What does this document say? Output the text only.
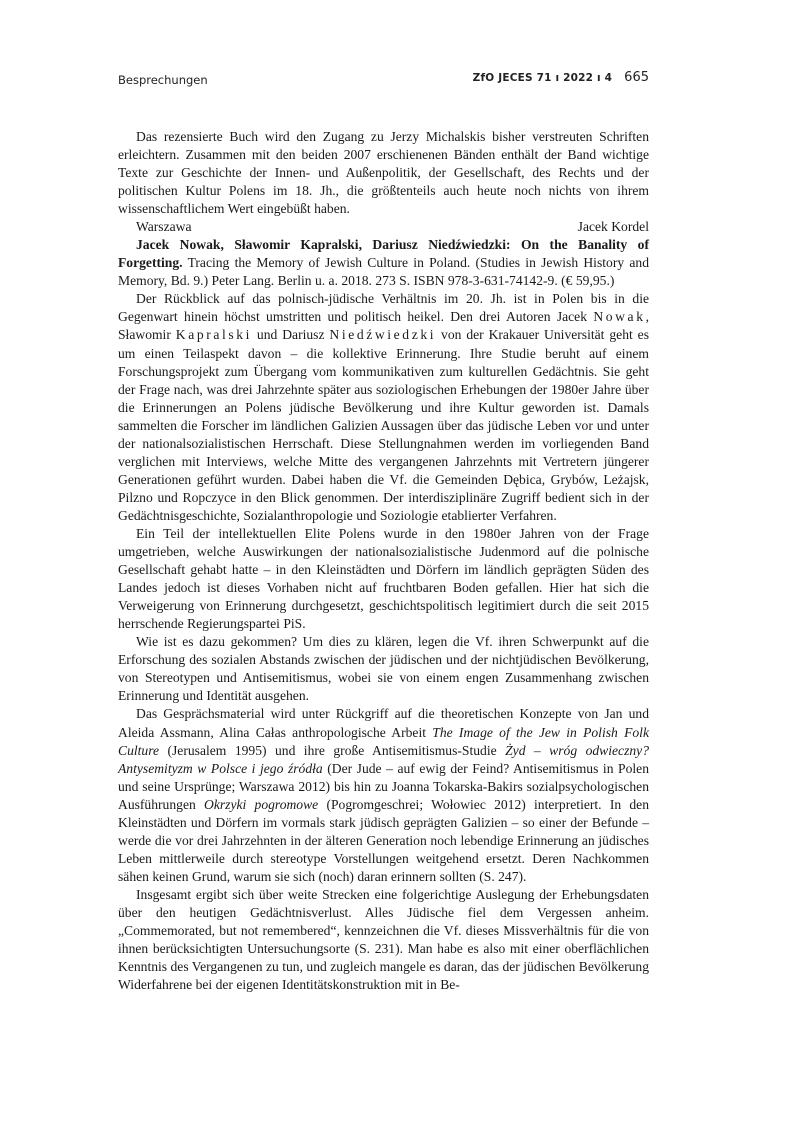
Besprechungen	ZfO JECES 71 ı 2022 ı 4 665

Das rezensierte Buch wird den Zugang zu Jerzy Michalskis bisher verstreuten Schriften erleichtern. Zusammen mit den beiden 2007 erschienenen Bänden enthält der Band wichtige Texte zur Geschichte der Innen- und Außenpolitik, der Gesellschaft, des Rechts und der politischen Kultur Polens im 18. Jh., die größtenteils auch heute noch nichts von ihrem wissenschaftlichem Wert eingebüßt haben.

Warszawa	Jacek Kordel

Jacek Nowak, Sławomir Kapralski, Dariusz Niedźwiedzki: On the Banality of Forgetting. Tracing the Memory of Jewish Culture in Poland. (Studies in Jewish History and Memory, Bd. 9.) Peter Lang. Berlin u. a. 2018. 273 S. ISBN 978-3-631-74142-9. (€ 59,95.)

Der Rückblick auf das polnisch-jüdische Verhältnis im 20. Jh. ist in Polen bis in die Gegenwart hinein höchst umstritten und politisch heikel. Den drei Autoren Jacek Nowak, Sławomir Kapralski und Dariusz Niedźwiedzki von der Krakauer Universität geht es um einen Teilaspekt davon – die kollektive Erinnerung. Ihre Studie beruht auf einem Forschungsprojekt zum Übergang vom kommunikativen zum kulturellen Gedächtnis. Sie geht der Frage nach, was drei Jahrzehnte später aus soziologischen Erhebungen der 1980er Jahre über die Erinnerungen an Polens jüdische Bevölkerung und ihre Kultur geworden ist. Damals sammelten die Forscher im ländlichen Galizien Aussagen über das jüdische Leben vor und unter der nationalsozialistischen Herrschaft. Diese Stellungnahmen werden im vorliegenden Band verglichen mit Interviews, welche Mitte des vergangenen Jahrzehnts mit Vertretern jüngerer Generationen geführt wurden. Dabei haben die Vf. die Gemeinden Dębica, Grybów, Leżajsk, Pilzno und Ropczyce in den Blick genommen. Der interdisziplinäre Zugriff bedient sich in der Gedächtnisgeschichte, Sozialanthropologie und Soziologie etablierter Verfahren.

Ein Teil der intellektuellen Elite Polens wurde in den 1980er Jahren von der Frage umgetrieben, welche Auswirkungen der nationalsozialistische Judenmord auf die polnische Gesellschaft gehabt hatte – in den Kleinstädten und Dörfern im ländlich geprägten Süden des Landes jedoch ist dieses Vorhaben nicht auf fruchtbaren Boden gefallen. Hier hat sich die Verweigerung von Erinnerung durchgesetzt, geschichtspolitisch legitimiert durch die seit 2015 herrschende Regierungspartei PiS.

Wie ist es dazu gekommen? Um dies zu klären, legen die Vf. ihren Schwerpunkt auf die Erforschung des sozialen Abstands zwischen der jüdischen und der nichtjüdischen Bevölkerung, von Stereotypen und Antisemitismus, wobei sie von einem engen Zusammenhang zwischen Erinnerung und Identität ausgehen.

Das Gesprächsmaterial wird unter Rückgriff auf die theoretischen Konzepte von Jan und Aleida Assmann, Alina Całas anthropologische Arbeit The Image of the Jew in Polish Folk Culture (Jerusalem 1995) und ihre große Antisemitismus-Studie Żyd – wróg odwieczny? Antysemityzm w Polsce i jego źródła (Der Jude – auf ewig der Feind? Antisemitismus in Polen und seine Ursprünge; Warszawa 2012) bis hin zu Joanna Tokarska-Bakirs sozialpsychologischen Ausführungen Okrzyki pogromowe (Pogromgeschrei; Wołowiec 2012) interpretiert. In den Kleinstädten und Dörfern im vormals stark jüdisch geprägten Galizien – so einer der Befunde – werde die vor drei Jahrzehnten in der älteren Generation noch lebendige Erinnerung an jüdisches Leben mittlerweile durch stereotype Vorstellungen weitgehend ersetzt. Deren Nachkommen sähen keinen Grund, warum sie sich (noch) daran erinnern sollten (S. 247).

Insgesamt ergibt sich über weite Strecken eine folgerichtige Auslegung der Erhebungsdaten über den heutigen Gedächtnisverlust. Alles Jüdische fiel dem Vergessen anheim. „Commemorated, but not remembered“, kennzeichnen die Vf. dieses Missverhältnis für die von ihnen berücksichtigten Untersuchungsorte (S. 231). Man habe es also mit einer oberflächlichen Kenntnis des Vergangenen zu tun, und zugleich mangele es daran, das der jüdischen Bevölkerung Widerfahrene bei der eigenen Identitätskonstruktion mit in Be-
